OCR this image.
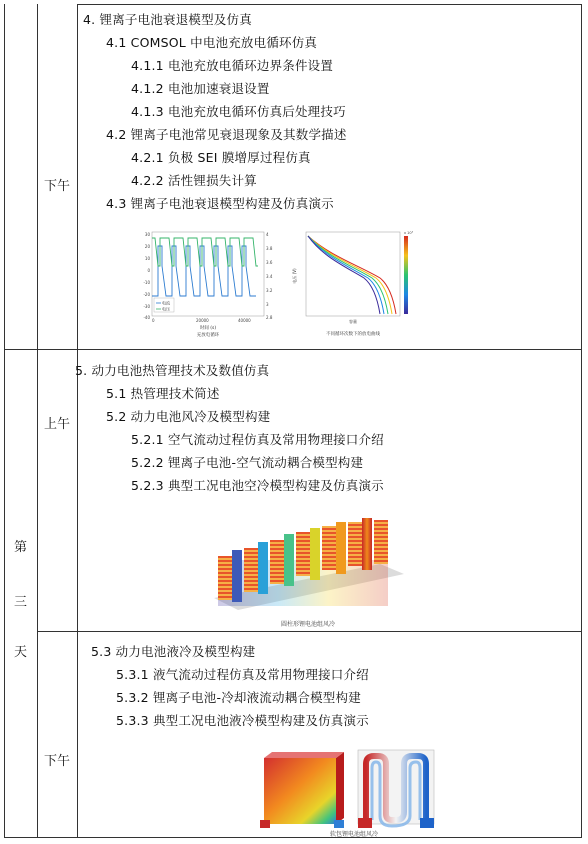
第
三
天
下午
上午
下午
4. 锂离子电池衰退模型及仿真
4.1 COMSOL 中电池充放电循环仿真
4.1.1 电池充放电循环边界条件设置
4.1.2 电池加速衰退设置
4.1.3 电池充放电循环仿真后处理技巧
4.2 锂离子电池常见衰退现象及其数学描述
4.2.1 负极 SEI 膜增厚过程仿真
4.2.2 活性锂损失计算
4.3 锂离子电池衰退模型构建及仿真演示
30
20
10
0
-10
-20
-30
-40
4
3.8
3.6
3.4
3.2
3
2.8
0	20000	40000
电流
电压
时间 (s)
充放电循环
x 10³
电压 (V)
容量
不同循环次数下的放电曲线
5. 动力电池热管理技术及数值仿真
5.1 热管理技术简述
5.2 动力电池风冷及模型构建
5.2.1 空气流动过程仿真及常用物理接口介绍
5.2.2 锂离子电池-空气流动耦合模型构建
5.2.3 典型工况电池空冷模型构建及仿真演示
圆柱形锂电池组风冷
5.3 动力电池液冷及模型构建
5.3.1 液气流动过程仿真及常用物理接口介绍
5.3.2 锂离子电池-冷却液流动耦合模型构建
5.3.3 典型工况电池液冷模型构建及仿真演示
软包锂电池组风冷
